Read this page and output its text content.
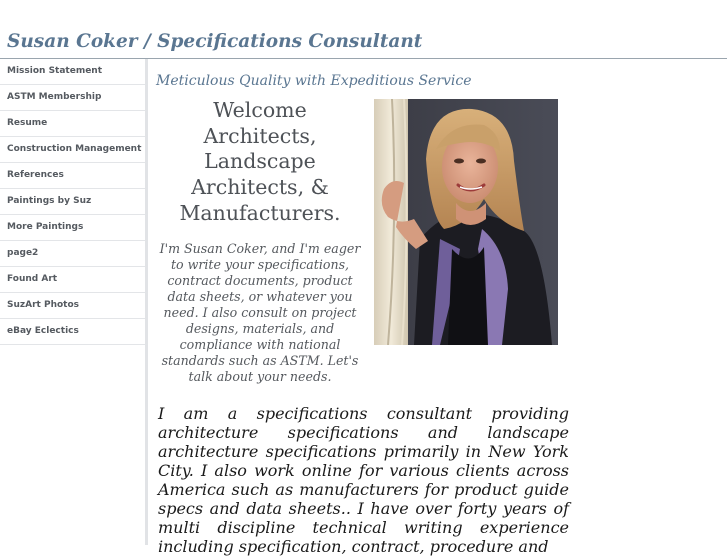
Susan Coker / Specifications Consultant
Mission Statement
ASTM Membership
Resume
Construction Management
References
Paintings by Suz
More Paintings
page2
Found Art
SuzArt Photos
eBay Eclectics
Meticulous Quality with Expeditious Service
Welcome Architects, Landscape Architects, & Manufacturers.
I'm Susan Coker, and I'm eager to write your specifications, contract documents, product data sheets, or whatever you need. I also consult on project designs, materials, and compliance with national standards such as ASTM. Let's talk about your needs.
I am a specifications consultant providing architecture specifications and landscape architecture specifications primarily in New York City. I also work online for various clients across America such as manufacturers for product guide specs and data sheets.. I have over forty years of multi discipline technical writing experience including specification, contract, procedure and
